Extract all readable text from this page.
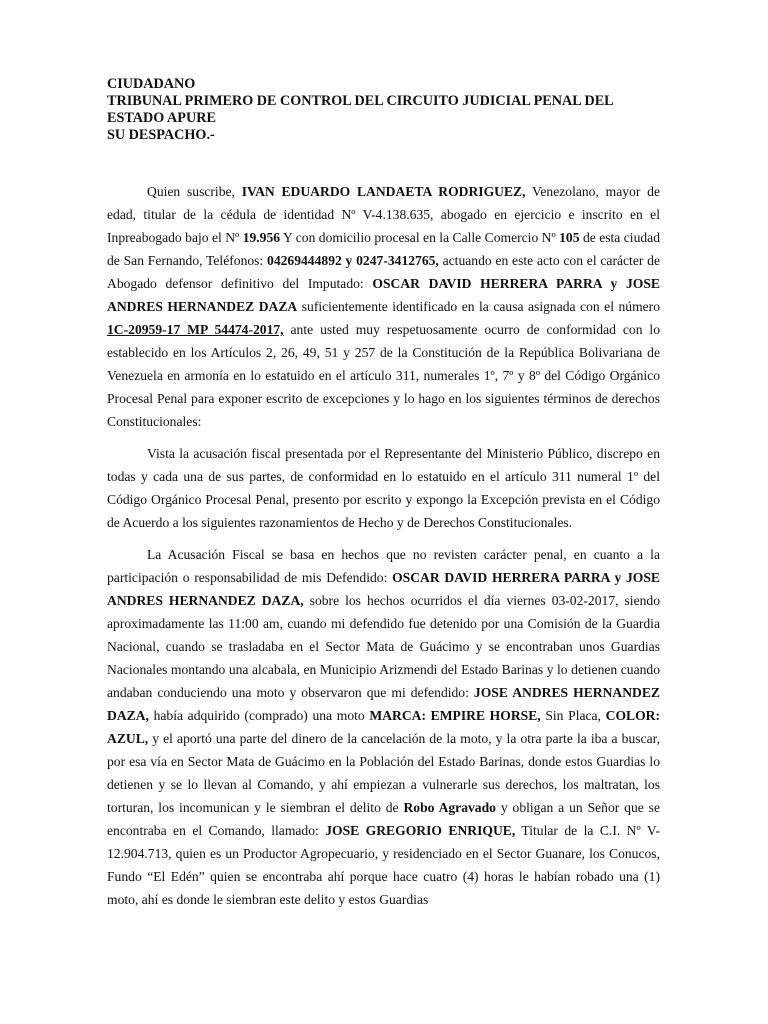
CIUDADANO
TRIBUNAL PRIMERO DE CONTROL DEL CIRCUITO JUDICIAL PENAL DEL
ESTADO APURE
SU DESPACHO.-

Quien suscribe, IVAN EDUARDO LANDAETA RODRIGUEZ, Venezolano, mayor de edad, titular de la cédula de identidad Nº V-4.138.635, abogado en ejercicio e inscrito en el Inpreabogado bajo el Nº 19.956 Y con domicilio procesal en la Calle Comercio Nº 105 de esta ciudad de San Fernando, Teléfonos: 04269444892 y 0247-3412765, actuando en este acto con el carácter de Abogado defensor definitivo del Imputado: OSCAR DAVID HERRERA PARRA y JOSE ANDRES HERNANDEZ DAZA suficientemente identificado en la causa asignada con el número 1C-20959-17 MP 54474-2017, ante usted muy respetuosamente ocurro de conformidad con lo establecido en los Artículos 2, 26, 49, 51 y 257 de la Constitución de la República Bolivariana de Venezuela en armonía en lo estatuido en el artículo 311, numerales 1º, 7º y 8º del Código Orgánico Procesal Penal para exponer escrito de excepciones y lo hago en los siguientes términos de derechos Constitucionales:

Vista la acusación fiscal presentada por el Representante del Ministerio Público, discrepo en todas y cada una de sus partes, de conformidad en lo estatuido en el artículo 311 numeral 1º del Código Orgánico Procesal Penal, presento por escrito y expongo la Excepción prevista en el Código de Acuerdo a los siguientes razonamientos de Hecho y de Derechos Constitucionales.

La Acusación Fiscal se basa en hechos que no revisten carácter penal, en cuanto a la participación o responsabilidad de mis Defendido: OSCAR DAVID HERRERA PARRA y JOSE ANDRES HERNANDEZ DAZA, sobre los hechos ocurridos el día viernes 03-02-2017, siendo aproximadamente las 11:00 am, cuando mi defendido fue detenido por una Comisión de la Guardia Nacional, cuando se trasladaba en el Sector Mata de Guácimo y se encontraban unos Guardias Nacionales montando una alcabala, en Municipio Arizmendi del Estado Barinas y lo detienen cuando andaban conduciendo una moto y observaron que mi defendido: JOSE ANDRES HERNANDEZ DAZA, había adquirido (comprado) una moto MARCA: EMPIRE HORSE, Sin Placa, COLOR: AZUL, y el aportó una parte del dinero de la cancelación de la moto, y la otra parte la iba a buscar, por esa vía en Sector Mata de Guácimo en la Población del Estado Barinas, donde estos Guardias lo detienen y se lo llevan al Comando, y ahí empiezan a vulnerarle sus derechos, los maltratan, los torturan, los incomunican y le siembran el delito de Robo Agravado y obligan a un Señor que se encontraba en el Comando, llamado: JOSE GREGORIO ENRIQUE, Titular de la C.I. Nº V-12.904.713, quien es un Productor Agropecuario, y residenciado en el Sector Guanare, los Conucos, Fundo “El Edén” quien se encontraba ahí porque hace cuatro (4) horas le habían robado una (1) moto, ahí es donde le siembran este delito y estos Guardias
